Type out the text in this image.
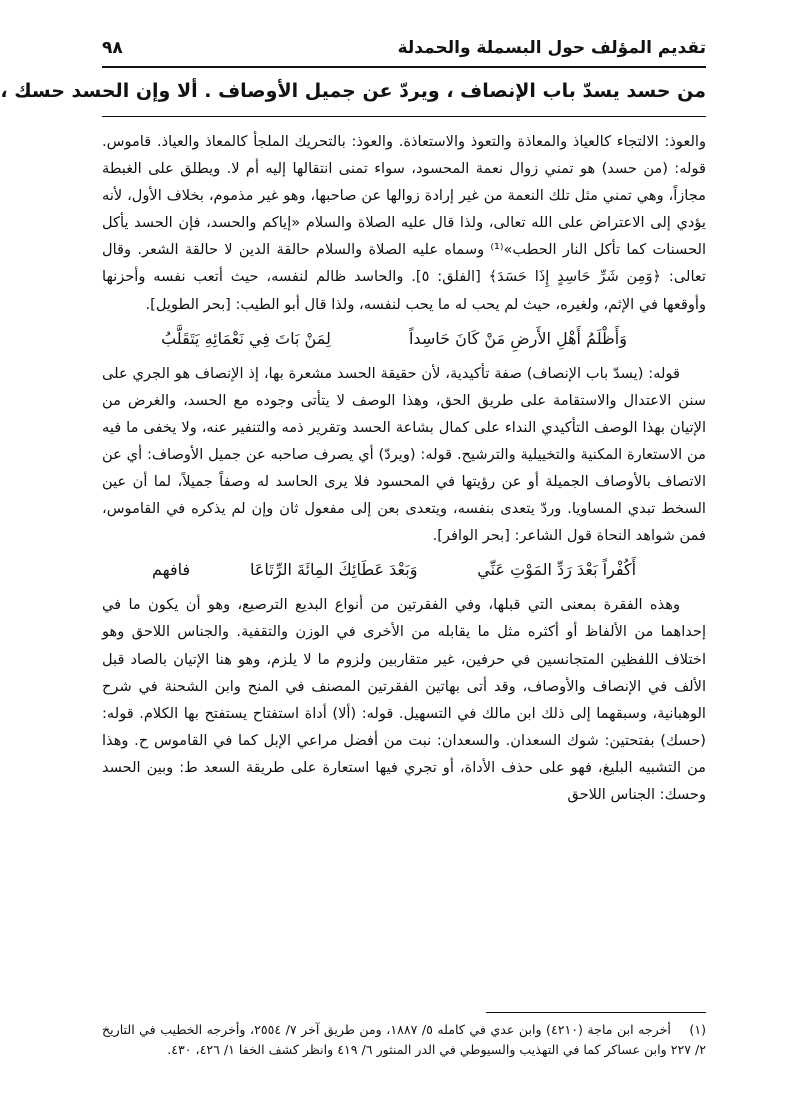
تقديم المؤلف حول البسملة والحمدلة
٩٨
من حسد يسدّ باب الإنصاف ، ويردّ عن جميل الأوصاف . ألا وإن الحسد حسك ،

والعوذ: الالتجاء كالعياذ والمعاذة والتعوذ والاستعاذة. والعوذ: بالتحريك الملجأ كالمعاذ والعياذ. قاموس. قوله: (من حسد) هو تمني زوال نعمة المحسود، سواء تمنى انتقالها إليه أم لا. ويطلق على الغبطة مجازاً، وهي تمني مثل تلك النعمة من غير إرادة زوالها عن صاحبها، وهو غير مذموم، بخلاف الأول، لأنه يؤدي إلى الاعتراض على الله تعالى، ولذا قال عليه الصلاة والسلام «إياكم والحسد، فإن الحسد يأكل الحسنات كما تأكل النار الحطب»⁽¹⁾ وسماه عليه الصلاة والسلام حالقة الدين لا حالقة الشعر. وقال تعالى: ﴿وَمِن شَرِّ حَاسِدٍ إِذَا حَسَدَ﴾ [الفلق: ٥]. والحاسد ظالم لنفسه، حيث أتعب نفسه وأحزنها وأوقعها في الإثم، ولغيره، حيث لم يحب له ما يحب لنفسه، ولذا قال أبو الطيب: [بحر الطويل].

وَأَظْلَمُ أَهْلِ الأَرضِ مَنْ كَانَ حَاسِداً
لِمَنْ بَاتَ فِي نَعْمَائِهِ يَتَقَلَّبُ

قوله: (يسدّ باب الإنصاف) صفة تأكيدية، لأن حقيقة الحسد مشعرة بها، إذ الإنصاف هو الجري على سنن الاعتدال والاستقامة على طريق الحق، وهذا الوصف لا يتأتى وجوده مع الحسد، والغرض من الإتيان بهذا الوصف التأكيدي النداء على كمال بشاعة الحسد وتقرير ذمه والتنفير عنه، ولا يخفى ما فيه من الاستعارة المكنية والتخييلية والترشيح. قوله: (ويردّ) أي يصرف صاحبه عن جميل الأوصاف: أي عن الاتصاف بالأوصاف الجميلة أو عن رؤيتها في المحسود فلا يرى الحاسد له وصفاً جميلاً، لما أن عين السخط تبدي المساويا. وردّ يتعدى بنفسه، ويتعدى بعن إلى مفعول ثان وإن لم يذكره في القاموس، فمن شواهد النحاة قول الشاعر: [بحر الوافر].

أَكُفْراً بَعْدَ رَدِّ المَوْتِ عَنِّي
وَبَعْدَ عَطَائِكَ المِائَةَ الرِّتَاعَا
فافهم

وهذه الفقرة بمعنى التي قبلها، وفي الفقرتين من أنواع البديع الترصيع، وهو أن يكون ما في إحداهما من الألفاظ أو أكثره مثل ما يقابله من الأخرى في الوزن والتقفية. والجناس اللاحق وهو اختلاف اللفظين المتجانسين في حرفين، غير متقاربين ولزوم ما لا يلزم، وهو هنا الإتيان بالصاد قبل الألف في الإنصاف والأوصاف، وقد أتى بهاتين الفقرتين المصنف في المنح وابن الشحنة في شرح الوهبانية، وسبقهما إلى ذلك ابن مالك في التسهيل. قوله: (ألا) أداة استفتاح يستفتح بها الكلام. قوله: (حسك) بفتحتين: شوك السعدان. والسعدان: نبت من أفضل مراعي الإبل كما في القاموس ح. وهذا من التشبيه البليغ، فهو على حذف الأداة، أو تجري فيها استعارة على طريقة السعد ط: وبين الحسد وحسك: الجناس اللاحق

(١) أخرجه ابن ماجة (٤٢١٠) وابن عدي في كامله ٥/ ١٨٨٧، ومن طريق آخر ٧/ ٢٥٥٤، وأخرجه الخطيب في التاريخ ٢/ ٢٢٧ وابن عساكر كما في التهذيب والسيوطي في الدر المنثور ٦/ ٤١٩ وانظر كشف الخفا ١/ ٤٢٦، ٤٣٠.
